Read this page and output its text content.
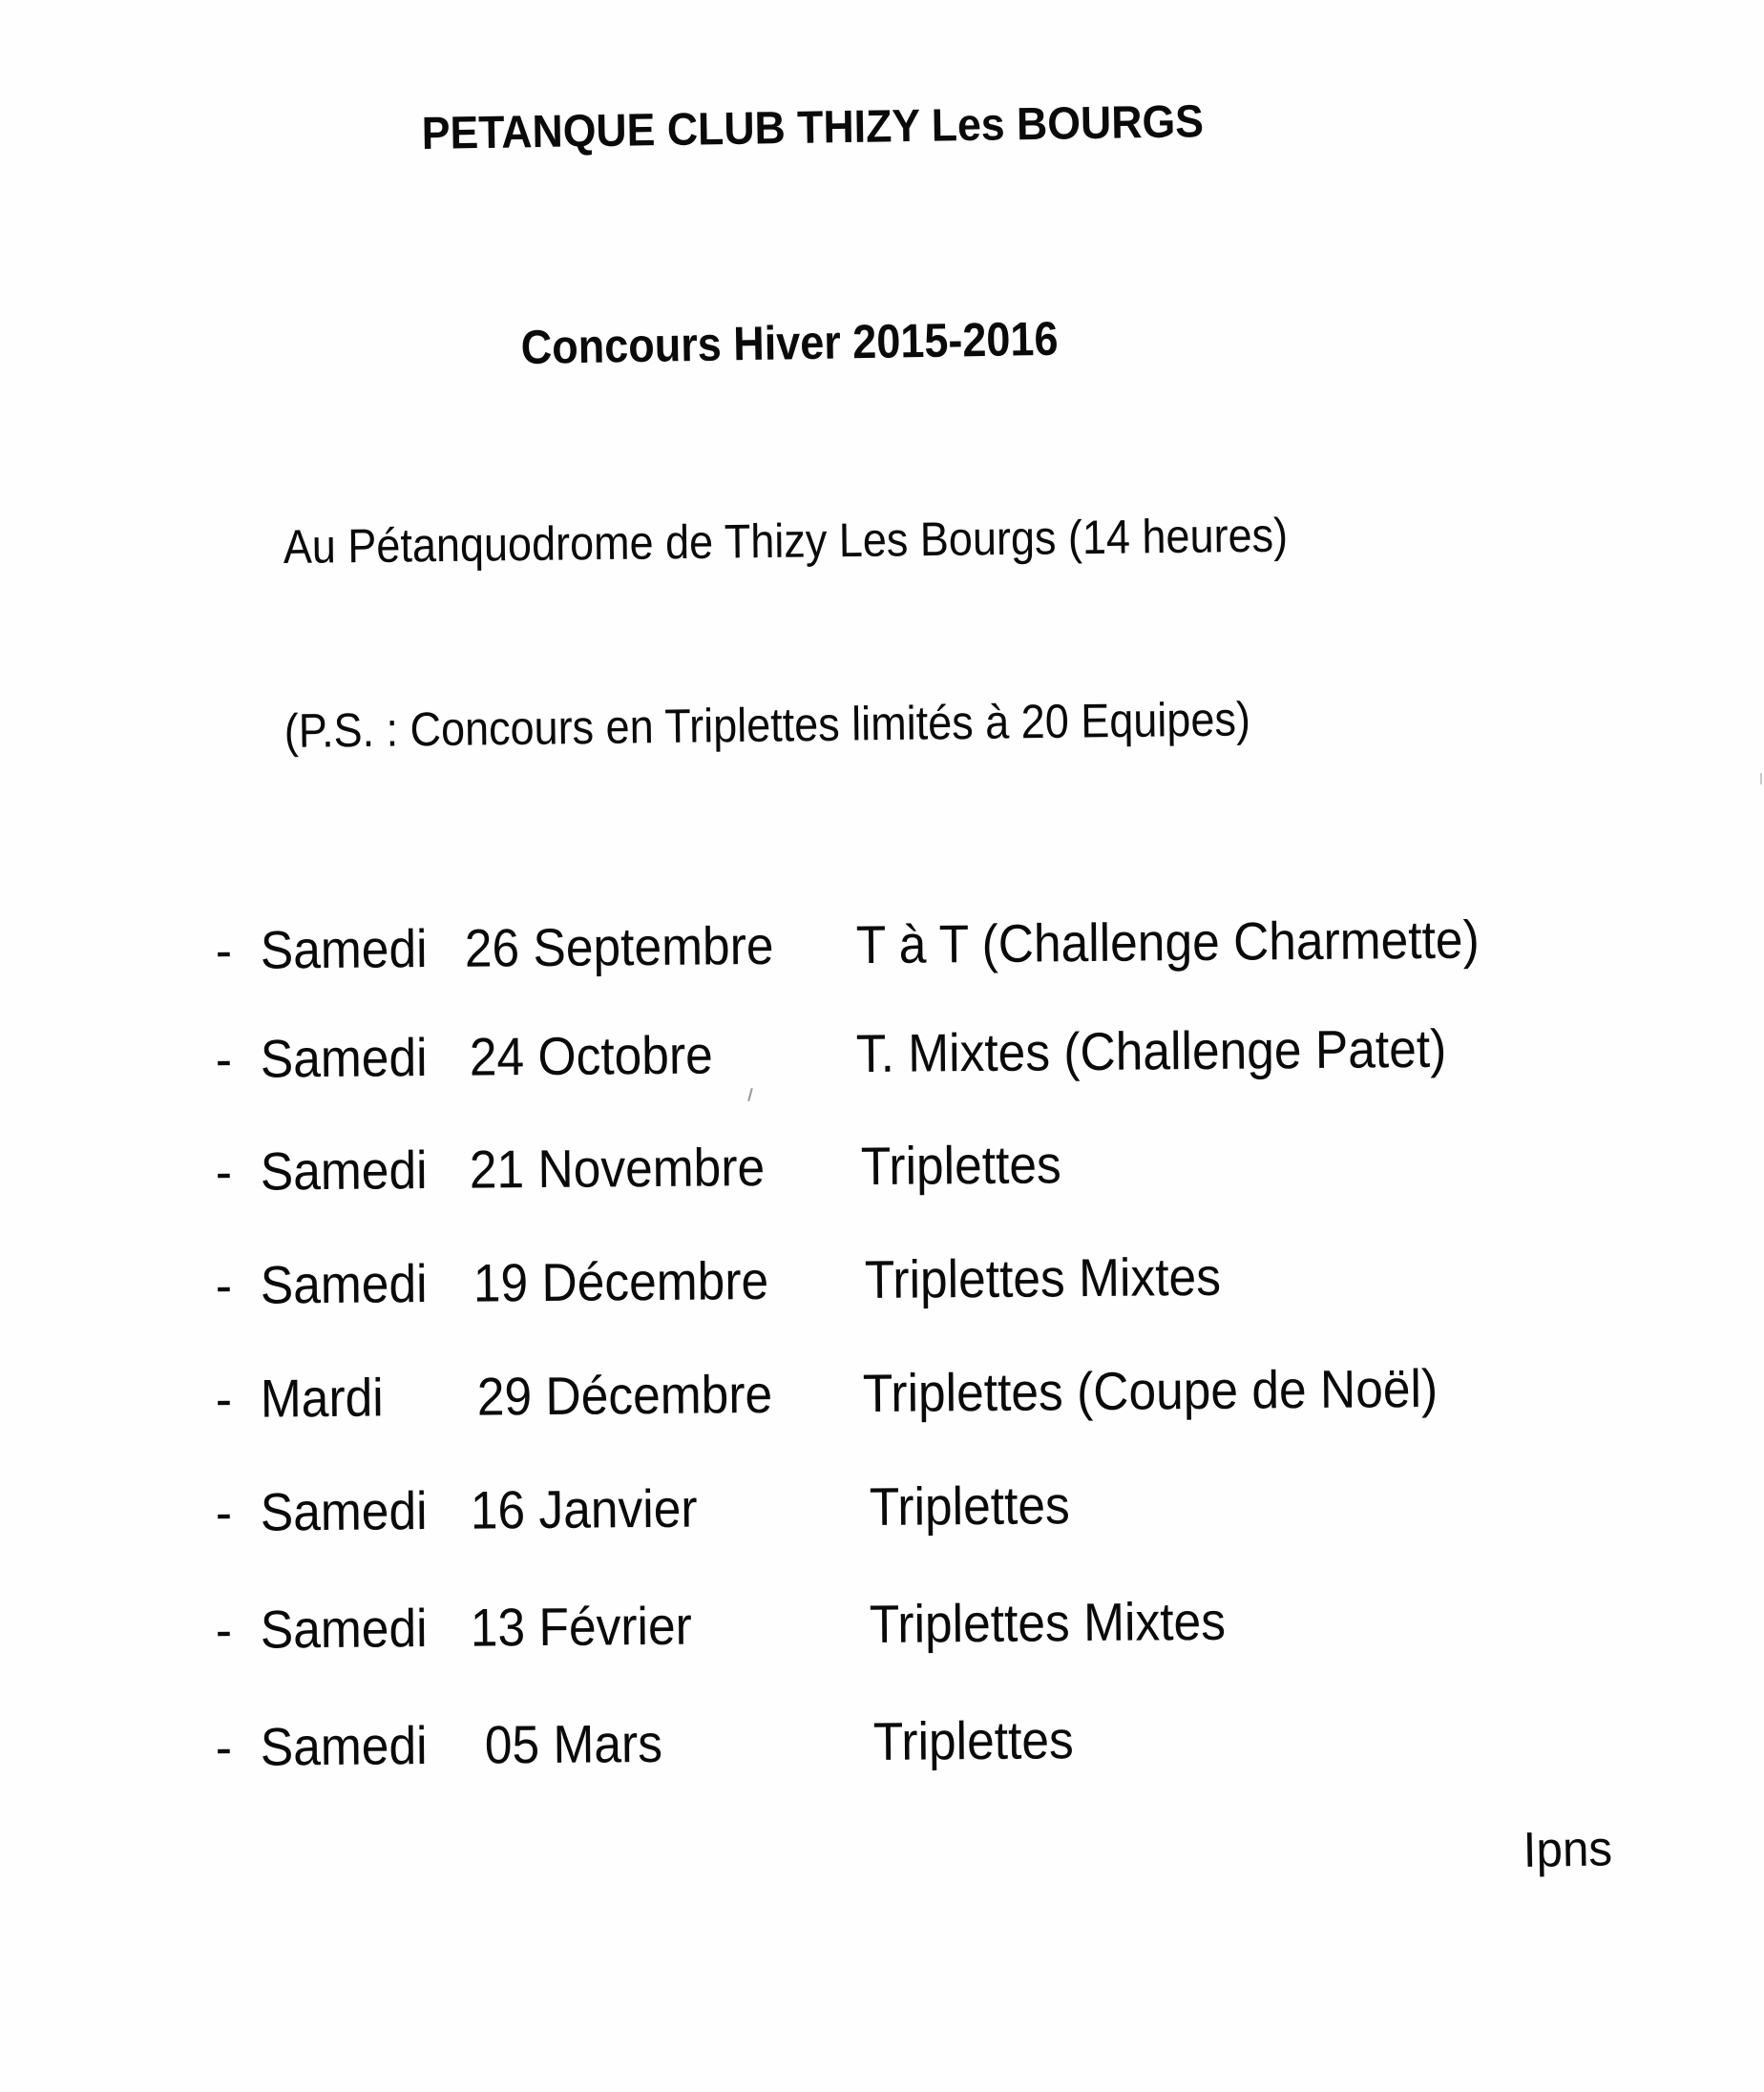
PETANQUE CLUB THIZY Les BOURGS
Concours Hiver 2015-2016
Au Pétanquodrome de Thizy Les Bourgs (14 heures)
(P.S. : Concours en Triplettes limités à 20 Equipes)
- Samedi 26 Septembre T à T (Challenge Charmette)
- Samedi 24 Octobre	T. Mixtes (Challenge Patet)
- Samedi 21 Novembre Triplettes
- Samedi 19 Décembre Triplettes Mixtes
- Mardi 29 Décembre Triplettes (Coupe de Noël)
- Samedi 16 Janvier	Triplettes
- Samedi 13 Février	Triplettes Mixtes
- Samedi 05 Mars	Triplettes
Ipns
